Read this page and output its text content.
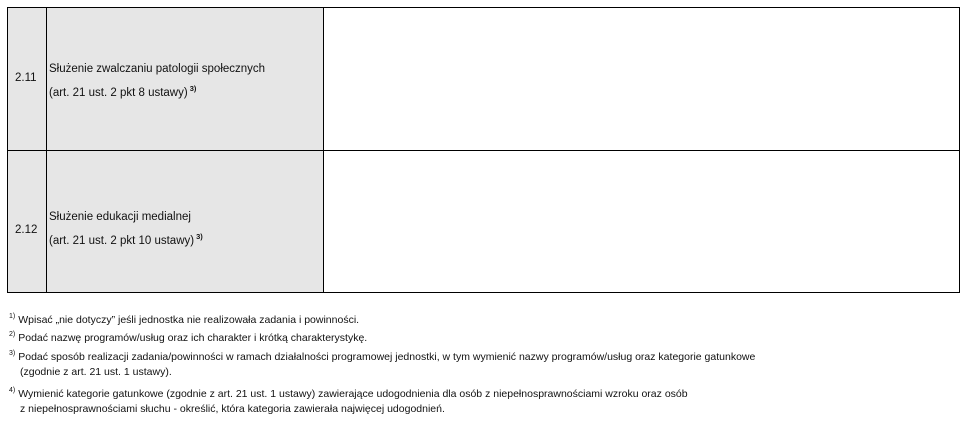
2.11
Służenie zwalczaniu patologii społecznych
(art. 21 ust. 2 pkt 8 ustawy) $^{3)}$
2.12
Służenie edukacji medialnej
(art. 21 ust. 2 pkt 10 ustawy) $^{3)}$
$^{1)}$ Wpisać „nie dotyczy” jeśli jednostka nie realizowała zadania i powinności.
$^{2)}$ Podać nazwę programów/usług oraz ich charakter i krótką charakterystykę.
$^{3)}$ Podać sposób realizacji zadania/powinności w ramach działalności programowej jednostki, w tym wymienić nazwy programów/usług oraz kategorie gatunkowe
(zgodnie z art. 21 ust. 1 ustawy).
$^{4)}$ Wymienić kategorie gatunkowe (zgodnie z art. 21 ust. 1 ustawy) zawierające udogodnienia dla osób z niepełnosprawnościami wzroku oraz osób
z niepełnosprawnościami słuchu - określić, która kategoria zawierała najwięcej udogodnień.
